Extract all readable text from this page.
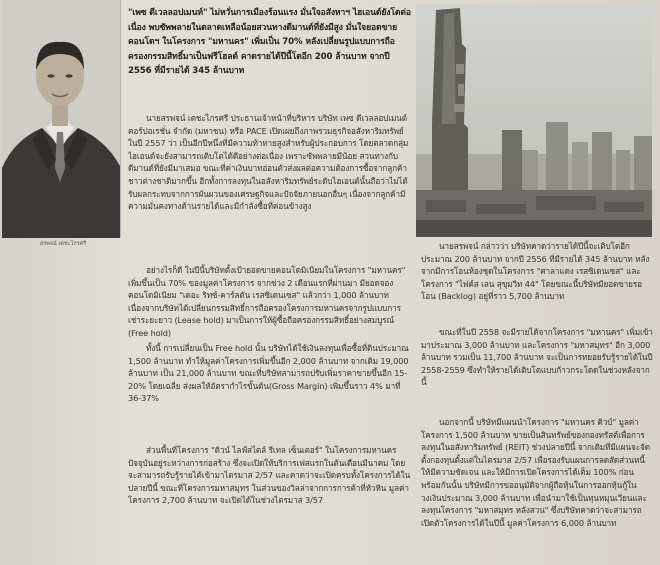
สรพจน์ เตชะไกรศรี
"เพซ ดีเวลลอปเมนท์" ไม่หวั่นการเมืองร้อนแรง มั่นใจอสังหาฯ ไฮเอนด์ยังโตต่อเนื่อง พบซัพพลายในตลาดเหลือน้อยสวนทางดีมานด์ที่ยังมีสูง มั่นใจยอดขายคอนโดฯ ในโครงการ "มหานคร" เพิ่มเป็น 70% หลังเปลี่ยนรูปแบบการถือครองกรรมสิทธิ์มาเป็นฟรีโฮลด์ คาดรายได้ปีนี้โตอีก 200 ล้านบาท จากปี 2556 ที่มีรายได้ 345 ล้านบาท
นายสรพจน์ เตชะไกรศรี ประธานเจ้าหน้าที่บริหาร บริษัท เพซ ดีเวลลอปเมนต์ คอร์ปอเรชั่น จำกัด (มหาชน) หรือ PACE เปิดเผยถึงภาพรวมธุรกิจอสังหาริมทรัพย์ในปี 2557 ว่า เป็นอีกปีหนึ่งที่มีความท้าทายสูงสำหรับผู้ประกอบการ โดยตลาดกลุ่มไฮเอนด์จะยังสามารถเติบโตได้ดีอย่างต่อเนื่อง เพราะซัพพลายมีน้อย สวนทางกับดีมานด์ที่ยังมีมาเสมอ ขณะที่ค่าเงินบาทอ่อนตัวส่งผลต่อความต้องการซื้อจากลูกค้าชาวต่างชาติมากขึ้น อีกทั้งการลงทุนในอสังหาริมทรัพย์ระดับไฮเอนด์นั้นถือว่าไม่ได้รับผลกระทบจากการผันผวนของเศรษฐกิจและปัจจัยภายนอกอื่นๆ เนื่องจากลูกค้ามีความมั่นคงทางด้านรายได้และมีกำลังซื้อที่ค่อนข้างสูง
อย่างไรก็ดี ในปีนี้บริษัทตั้งเป้ายอดขายคอนโดมิเนียมในโครงการ "มหานคร" เพิ่มขึ้นเป็น 70% ของมูลค่าโครงการ จากช่วง 2 เดือนแรกที่ผ่านมา มียอดจองคอนโดมิเนียม "เดอะ ริทซ์-คาร์ลตัน เรสซิเดนเซส" แล้วกว่า 1,000 ล้านบาท เนื่องจากบริษัทได้เปลี่ยนกรรมสิทธิ์การถือครองโครงการมหานครจากรูปแบบการเช่าระยะยาว (Lease hold) มาเป็นการให้ผู้ซื้อถือครองกรรมสิทธิ์อย่างสมบูรณ์ (Free hold)
ทั้งนี้ การเปลี่ยนเป็น Free hold นั้น บริษัทได้ใช้เงินลงทุนเพื่อซื้อที่ดินประมาณ 1,500 ล้านบาท ทำให้มูลค่าโครงการเพิ่มขึ้นอีก 2,000 ล้านบาท จากเดิม 19,000 ล้านบาท เป็น 21,000 ล้านบาท ขณะที่บริษัทสามารถปรับเพิ่มราคาขายขึ้นอีก 15-20% โดยเฉลี่ย ส่งผลให้อัตรากำไรขั้นต้น(Gross Margin) เพิ่มขึ้นราว 4% มาที่ 36-37%
ส่วนพื้นที่โครงการ "ดิวน์ ไลฟ์สไตล์ รีเทล เซ็นเตอร์" ในโครงการมหานคร ปัจจุบันอยู่ระหว่างการก่อสร้าง ซึ่งจะเปิดให้บริการเฟสแรกในต้นเดือนมีนาคม โดยจะสามารถรับรู้รายได้เข้ามาไตรมาส 2/57 และคาดว่าจะเปิดครบทั้งโครงการได้ในปลายปีนี้ ขณะที่โครงการมหาสมุทร ในส่วนของวิลล่าจากการการค้าที่หัวหิน มูลค่าโครงการ 2,700 ล้านบาท จะเปิดได้ในช่วงไตรมาส 3/57
นายสรพจน์ กล่าวว่า บริษัทคาดว่ารายได้ปีนี้จะเติบโตอีกประมาณ 200 ล้านบาท จากปี 2556 ที่มีรายได้ 345 ล้านบาท หลังจากมีการโอนห้องชุดในโครงการ "ศาลาแดง เรสซิเดนเซส" และโครงการ "ไฟค์ส เลน สุขุมวิท 44" โดยขณะนี้บริษัทมียอดขายรอโอน (Backlog) อยู่ที่ราว 5,700 ล้านบาท
ขณะที่ในปี 2558 จะมีรายได้จากโครงการ "มหานคร" เพิ่มเข้ามาประมาณ 3,000 ล้านบาท และโครงการ "มหาสมุทร" อีก 3,000 ล้านบาท รวมเป็น 11,700 ล้านบาท จะเป็นการทยอยรับรู้รายได้ในปี 2558-2559 ซึ่งทำให้รายได้เติบโตแบบก้าวกระโดดในช่วงหลังจากนี้
นอกจากนี้ บริษัทมีแผนนำโครงการ "มหานคร คิวบ์" มูลค่าโครงการ 1,500 ล้านบาท ขายเป็นสินทรัพย์ของกองทรัสต์เพื่อการลงทุนในอสังหาริมทรัพย์ (REIT) ช่วงปลายปีนี้ จากเดิมที่มีแผนจะจัดตั้งกองทุนตั้งแต่ในไตรมาส 2/57 เพื่อรองรับแผนการลดสัดส่วนหนี้ให้มีความชัดเจน และให้มีการเปิดโครงการได้เต็ม 100% ก่อนพร้อมกันนั้น บริษัทมีการขออนุมัติจากผู้ถือหุ้นในการออกหุ้นกู้ในวงเงินประมาณ 3,000 ล้านบาท เพื่อนำมาใช้เป็นทุนหมุนเวียนและลงทุนโครงการ "มหาสมุทร หลังสวน" ซึ่งบริษัทคาดว่าจะสามารถเปิดตัวโครงการได้ในปีนี้ มูลค่าโครงการ 6,000 ล้านบาท
